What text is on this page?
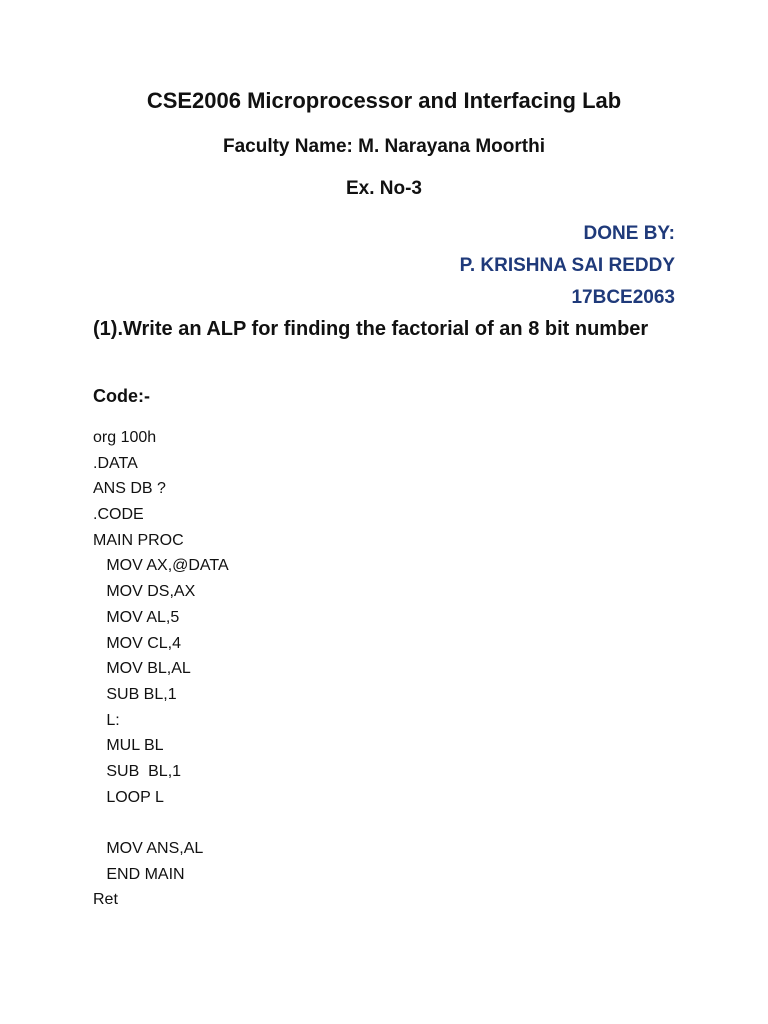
CSE2006 Microprocessor and Interfacing Lab
Faculty Name: M. Narayana Moorthi
Ex. No-3
DONE BY:
P. KRISHNA SAI REDDY
17BCE2063
(1).Write an ALP for finding the factorial of an 8 bit number
Code:-
org 100h
.DATA
ANS DB ?
.CODE
MAIN PROC
MOV AX,@DATA
MOV DS,AX
MOV AL,5
MOV CL,4
MOV BL,AL
SUB BL,1
L:
MUL BL
SUB  BL,1
LOOP L
MOV ANS,AL
END MAIN
Ret
